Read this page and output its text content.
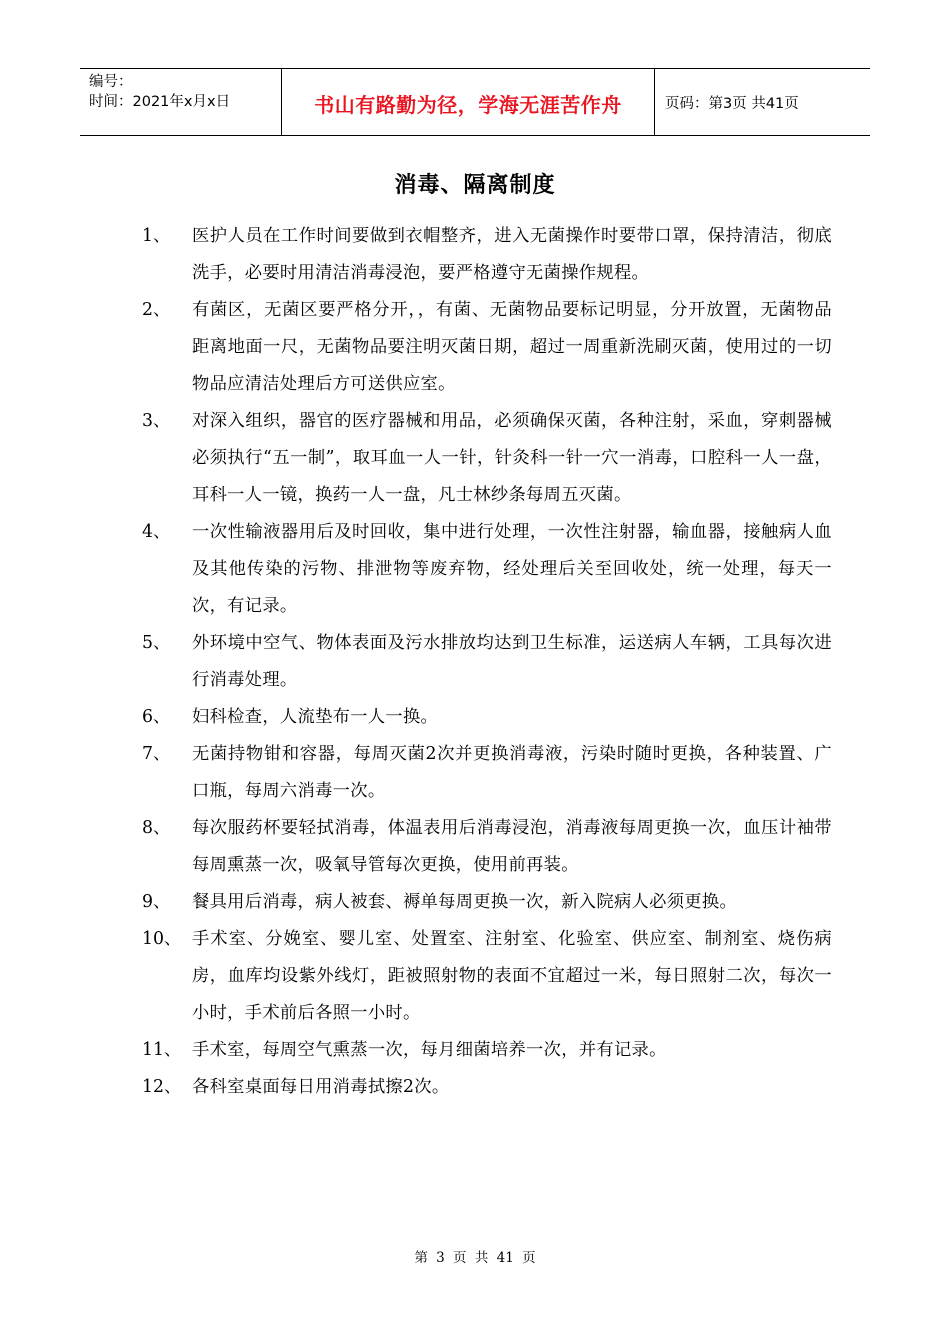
编号：
时间：2021年x月x日	书山有路勤为径，学海无涯苦作舟	页码：第3页 共41页
消毒、隔离制度
1、	医护人员在工作时间要做到衣帽整齐，进入无菌操作时要带口罩，保持清洁，彻底洗手，必要时用清洁消毒浸泡，要严格遵守无菌操作规程。
2、	有菌区，无菌区要严格分开，，有菌、无菌物品要标记明显，分开放置，无菌物品距离地面一尺，无菌物品要注明灭菌日期，超过一周重新洗刷灭菌，使用过的一切物品应清洁处理后方可送供应室。
3、	对深入组织，器官的医疗器械和用品，必须确保灭菌，各种注射，采血，穿刺器械必须执行“五一制”，取耳血一人一针，针灸科一针一穴一消毒，口腔科一人一盘，耳科一人一镜，换药一人一盘，凡士林纱条每周五灭菌。
4、	一次性输液器用后及时回收，集中进行处理，一次性注射器，输血器，接触病人血及其他传染的污物、排泄物等废弃物，经处理后关至回收处，统一处理，每天一次，有记录。
5、	外环境中空气、物体表面及污水排放均达到卫生标准，运送病人车辆，工具每次进行消毒处理。
6、	妇科检查，人流垫布一人一换。
7、	无菌持物钳和容器，每周灭菌2次并更换消毒液，污染时随时更换，各种装置、广口瓶，每周六消毒一次。
8、	每次服药杯要轻拭消毒，体温表用后消毒浸泡，消毒液每周更换一次，血压计袖带每周熏蒸一次，吸氧导管每次更换，使用前再装。
9、	餐具用后消毒，病人被套、褥单每周更换一次，新入院病人必须更换。
10、 手术室、分娩室、婴儿室、处置室、注射室、化验室、供应室、制剂室、烧伤病房，血库均设紫外线灯，距被照射物的表面不宜超过一米，每日照射二次，每次一小时，手术前后各照一小时。
11、 手术室，每周空气熏蒸一次，每月细菌培养一次，并有记录。
12、 各科室桌面每日用消毒拭擦2次。
第 3 页 共 41 页
